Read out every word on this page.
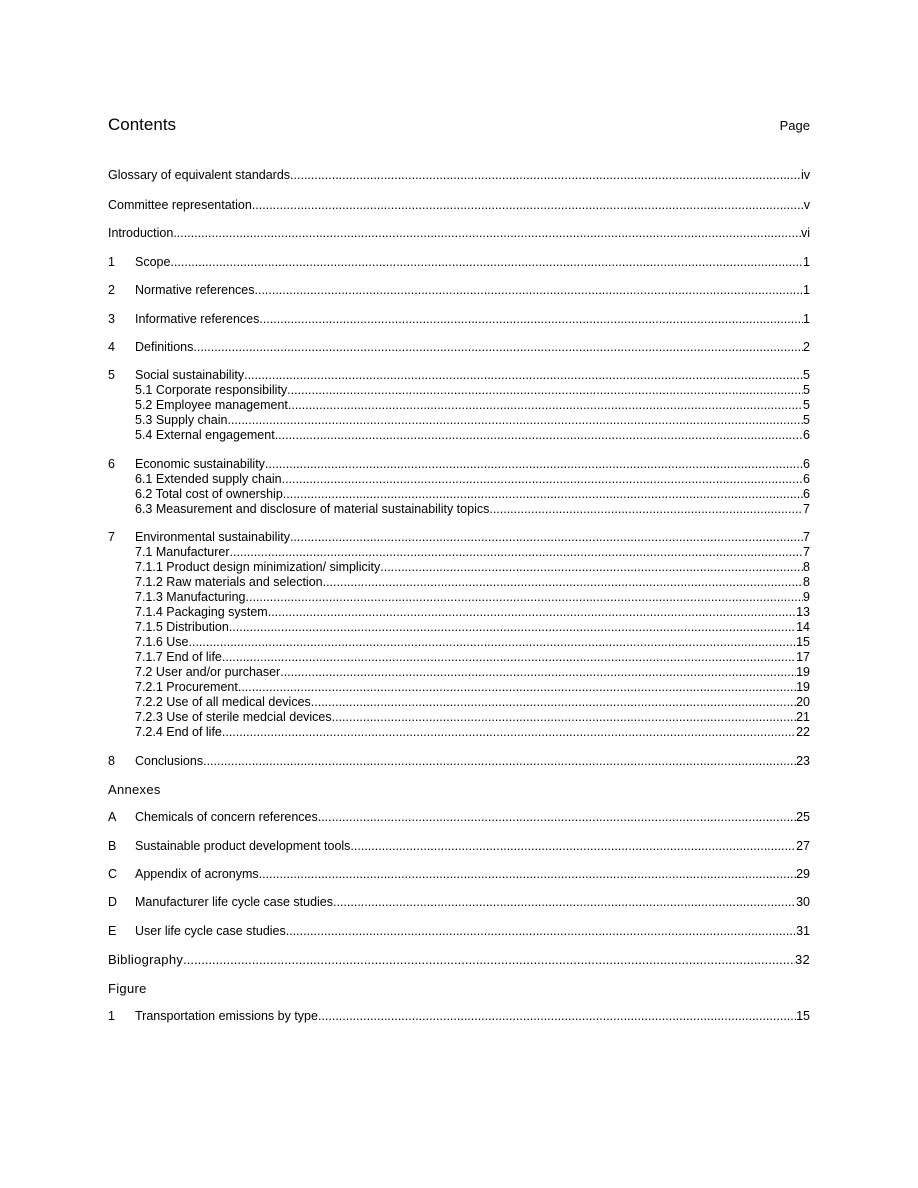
Contents	Page
Glossary of equivalent standards .....	iv
Committee representation .....	v
Introduction .....	vi
1	Scope .....	1
2	Normative references .....	1
3	Informative references .....	1
4	Definitions .....	2
5	Social sustainability .....	5
5.1 Corporate responsibility .....	5
5.2 Employee management .....	5
5.3 Supply chain .....	5
5.4 External engagement .....	6
6	Economic sustainability .....	6
6.1 Extended supply chain .....	6
6.2 Total cost of ownership .....	6
6.3 Measurement and disclosure of material sustainability topics .....	7
7	Environmental sustainability .....	7
7.1 Manufacturer .....	7
7.1.1 Product design minimization/ simplicity .....	8
7.1.2 Raw materials and selection .....	8
7.1.3 Manufacturing .....	9
7.1.4 Packaging system .....	13
7.1.5 Distribution .....	14
7.1.6 Use .....	15
7.1.7 End of life .....	17
7.2 User and/or purchaser .....	19
7.2.1 Procurement .....	19
7.2.2 Use of all medical devices .....	20
7.2.3 Use of sterile medcial devices .....	21
7.2.4 End of life .....	22
8	Conclusions .....	23
Annexes
A	Chemicals of concern references .....	25
B	Sustainable product development tools .....	27
C	Appendix of acronyms .....	29
D	Manufacturer life cycle case studies .....	30
E	User life cycle case studies .....	31
Bibliography .....	32
Figure
1	Transportation emissions by type .....	15
